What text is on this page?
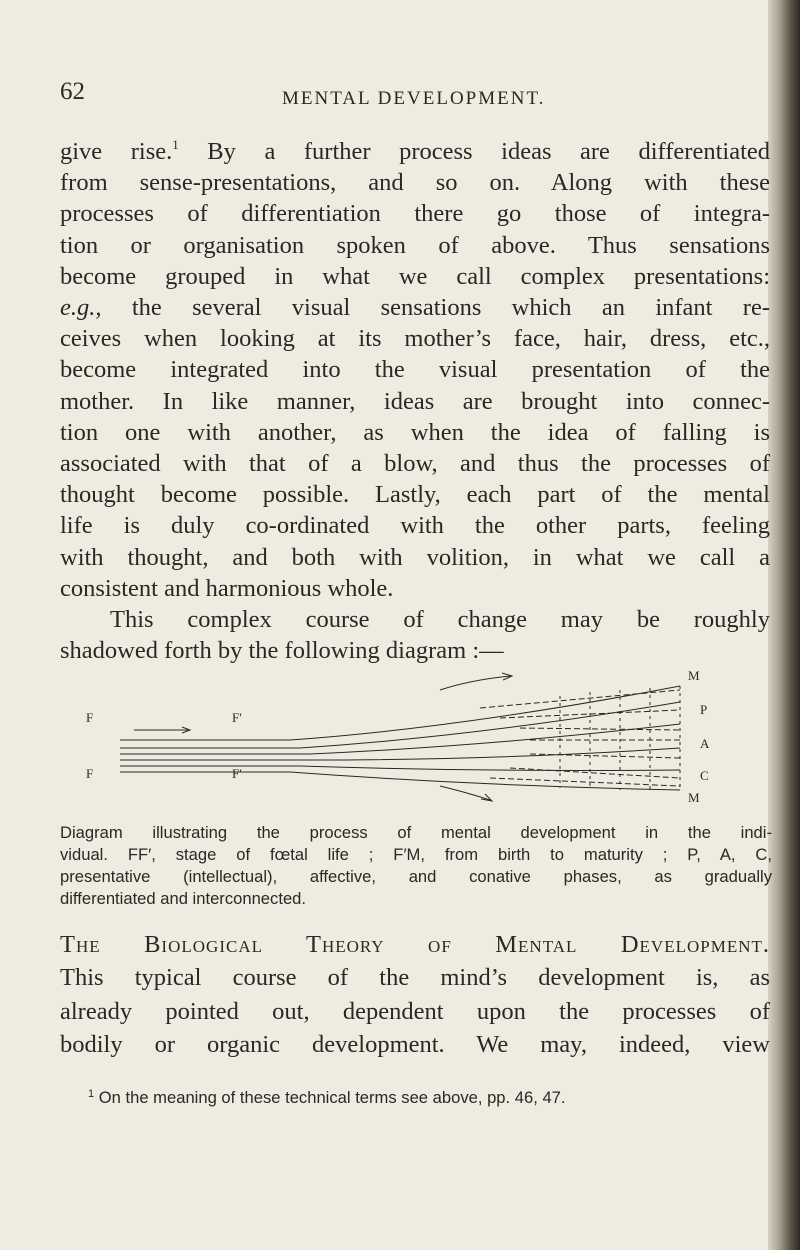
62	MENTAL DEVELOPMENT.

give rise.$^1$ By a further process ideas are differentiated
from sense-presentations, and so on. Along with these
processes of differentiation there go those of integra-
tion or organisation spoken of above. Thus sensations
become grouped in what we call complex presentations:
e.g., the several visual sensations which an infant re-
ceives when looking at its mother’s face, hair, dress, etc.,
become integrated into the visual presentation of the
mother. In like manner, ideas are brought into connec-
tion one with another, as when the idea of falling is
associated with that of a blow, and thus the processes of
thought become possible. Lastly, each part of the mental
life is duly co-ordinated with the other parts, feeling
with thought, and both with volition, in what we call a
consistent and harmonious whole.

This complex course of change may be roughly
shadowed forth by the following diagram :—

M
F	F′
F	F′
M
P
A
C
Diagram illustrating the process of mental development in the indi-
vidual. FF′, stage of fœtal life ; F′M, from birth to maturity ; P, A, C,
presentative (intellectual), affective, and conative phases, as gradually
differentiated and interconnected.
The Biological Theory of Mental Development.
This typical course of the mind’s development is, as
already pointed out, dependent upon the processes of
bodily or organic development. We may, indeed, view
$^1$ On the meaning of these technical terms see above, pp. 46, 47.
